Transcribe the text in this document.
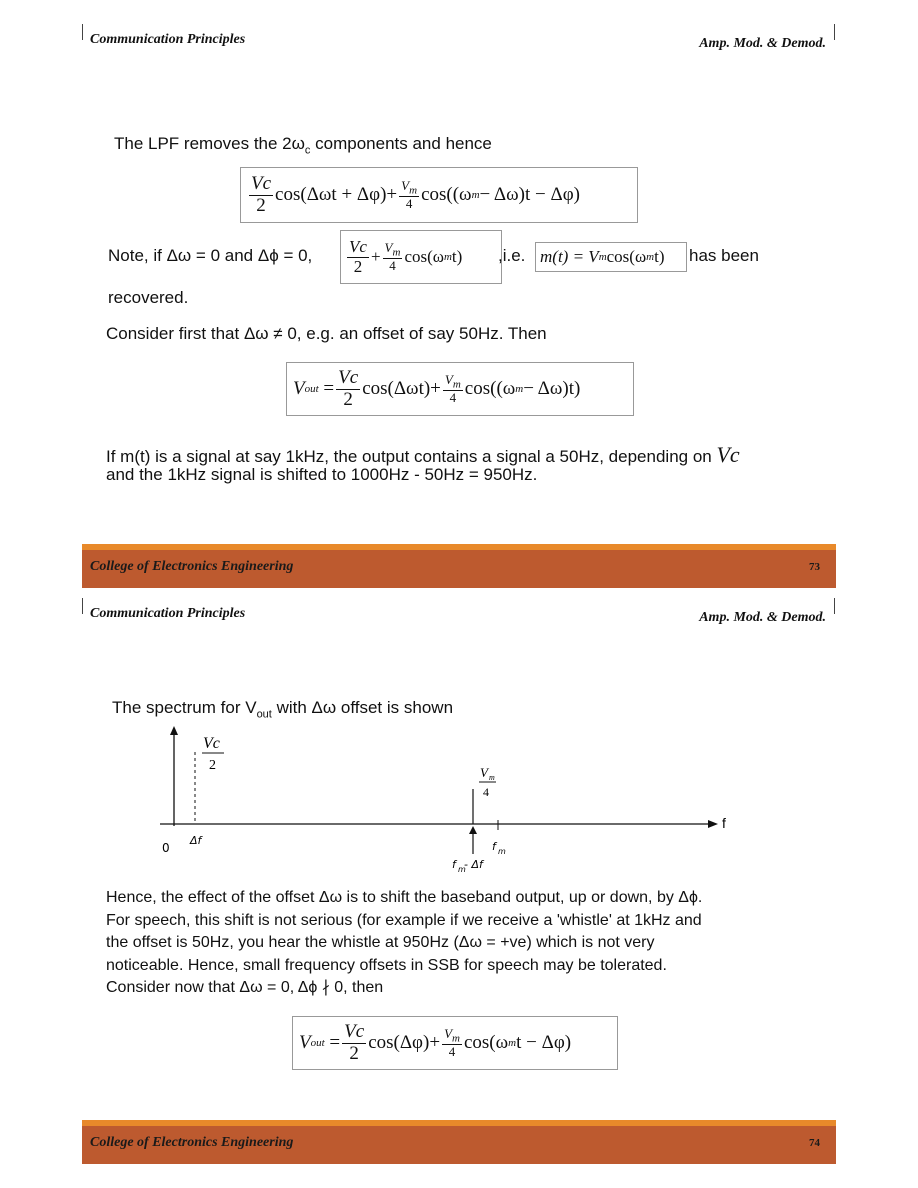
Communication Principles	Amp. Mod. & Demod.
The LPF removes the $2\omega_c$ components and hence
$\frac{Vc}{2} \cos(\Delta\omega t + \Delta\varphi)+ \frac{V_m}{4} \cos((\omega$ m − Δω)t − Δφ)
Note, if Δω = 0 and Δϕ = 0, $\frac{Vc}{2} + \frac{V_m}{4} \cos(\omega$ m t) ,i.e. m(t) = V m cos(ω m t) has been
recovered.
Consider first that Δω ≠ 0, e.g. an offset of say 50Hz. Then
V out = $\frac{Vc}{2} \cos(\Delta\omega t)+ \frac{V_m}{4} \cos((\omega$ m − Δω)t)
If m(t) is a signal at say 1kHz, the output contains a signal a 50Hz, depending on Vc
and the 1kHz signal is shifted to 1000Hz - 50Hz = 950Hz.
College of Electronics Engineering	73
Communication Principles	Amp. Mod. & Demod.
The spectrum for $V_{out}$ with Δω offset is shown
f
Vc
2	V m
4
0
Δf	f m
f m
- Δf
Hence, the effect of the offset Δω is to shift the baseband output, up or down, by Δϕ.
For speech, this shift is not serious (for example if we receive a 'whistle' at 1kHz and
the offset is 50Hz, you hear the whistle at 950Hz (Δω = +ve) which is not very
noticeable. Hence, small frequency offsets in SSB for speech may be tolerated.
Consider now that Δω = 0, Δϕ ∤ 0, then
V out = $\frac{Vc}{2} \cos(\Delta\varphi)+ \frac{V_m}{4} \cos(\omega$ m t − Δφ)
College of Electronics Engineering	74
